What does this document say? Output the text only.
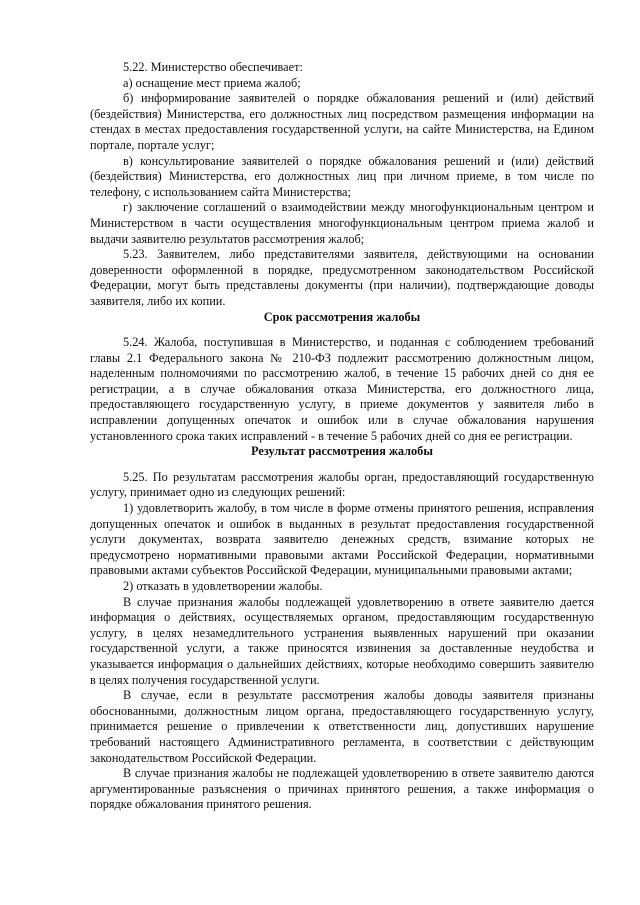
5.22. Министерство обеспечивает:

а) оснащение мест приема жалоб;

б) информирование заявителей о порядке обжалования решений и (или) действий (бездействия) Министерства, его должностных лиц посредством размещения информации на стендах в местах предоставления государственной услуги, на сайте Министерства, на Едином портале, портале услуг;

в) консультирование заявителей о порядке обжалования решений и (или) действий (бездействия) Министерства, его должностных лиц при личном приеме, в том числе по телефону, с использованием сайта Министерства;

г) заключение соглашений о взаимодействии между многофункциональным центром и Министерством в части осуществления многофункциональным центром приема жалоб и выдачи заявителю результатов рассмотрения жалоб;

5.23. Заявителем, либо представителями заявителя, действующими на основании доверенности оформленной в порядке, предусмотренном законодательством Российской Федерации, могут быть представлены документы (при наличии), подтверждающие доводы заявителя, либо их копии.

Срок рассмотрения жалобы

5.24. Жалоба, поступившая в Министерство, и поданная с соблюдением требований главы 2.1 Федерального закона № 210-ФЗ подлежит рассмотрению должностным лицом, наделенным полномочиями по рассмотрению жалоб, в течение 15 рабочих дней со дня ее регистрации, а в случае обжалования отказа Министерства, его должностного лица, предоставляющего государственную услугу, в приеме документов у заявителя либо в исправлении допущенных опечаток и ошибок или в случае обжалования нарушения установленного срока таких исправлений - в течение 5 рабочих дней со дня ее регистрации.

Результат рассмотрения жалобы

5.25. По результатам рассмотрения жалобы орган, предоставляющий государственную услугу, принимает одно из следующих решений:

1) удовлетворить жалобу, в том числе в форме отмены принятого решения, исправления допущенных опечаток и ошибок в выданных в результат предоставления государственной услуги документах, возврата заявителю денежных средств, взимание которых не предусмотрено нормативными правовыми актами Российской Федерации, нормативными правовыми актами субъектов Российской Федерации, муниципальными правовыми актами;

2) отказать в удовлетворении жалобы.

В случае признания жалобы подлежащей удовлетворению в ответе заявителю дается информация о действиях, осуществляемых органом, предоставляющим государственную услугу, в целях незамедлительного устранения выявленных нарушений при оказании государственной услуги, а также приносятся извинения за доставленные неудобства и указывается информация о дальнейших действиях, которые необходимо совершить заявителю в целях получения государственной услуги.

В случае, если в результате рассмотрения жалобы доводы заявителя признаны обоснованными, должностным лицом органа, предоставляющего государственную услугу, принимается решение о привлечении к ответственности лиц, допустивших нарушение требований настоящего Административного регламента, в соответствии с действующим законодательством Российской Федерации.

В случае признания жалобы не подлежащей удовлетворению в ответе заявителю даются аргументированные разъяснения о причинах принятого решения, а также информация о порядке обжалования принятого решения.
